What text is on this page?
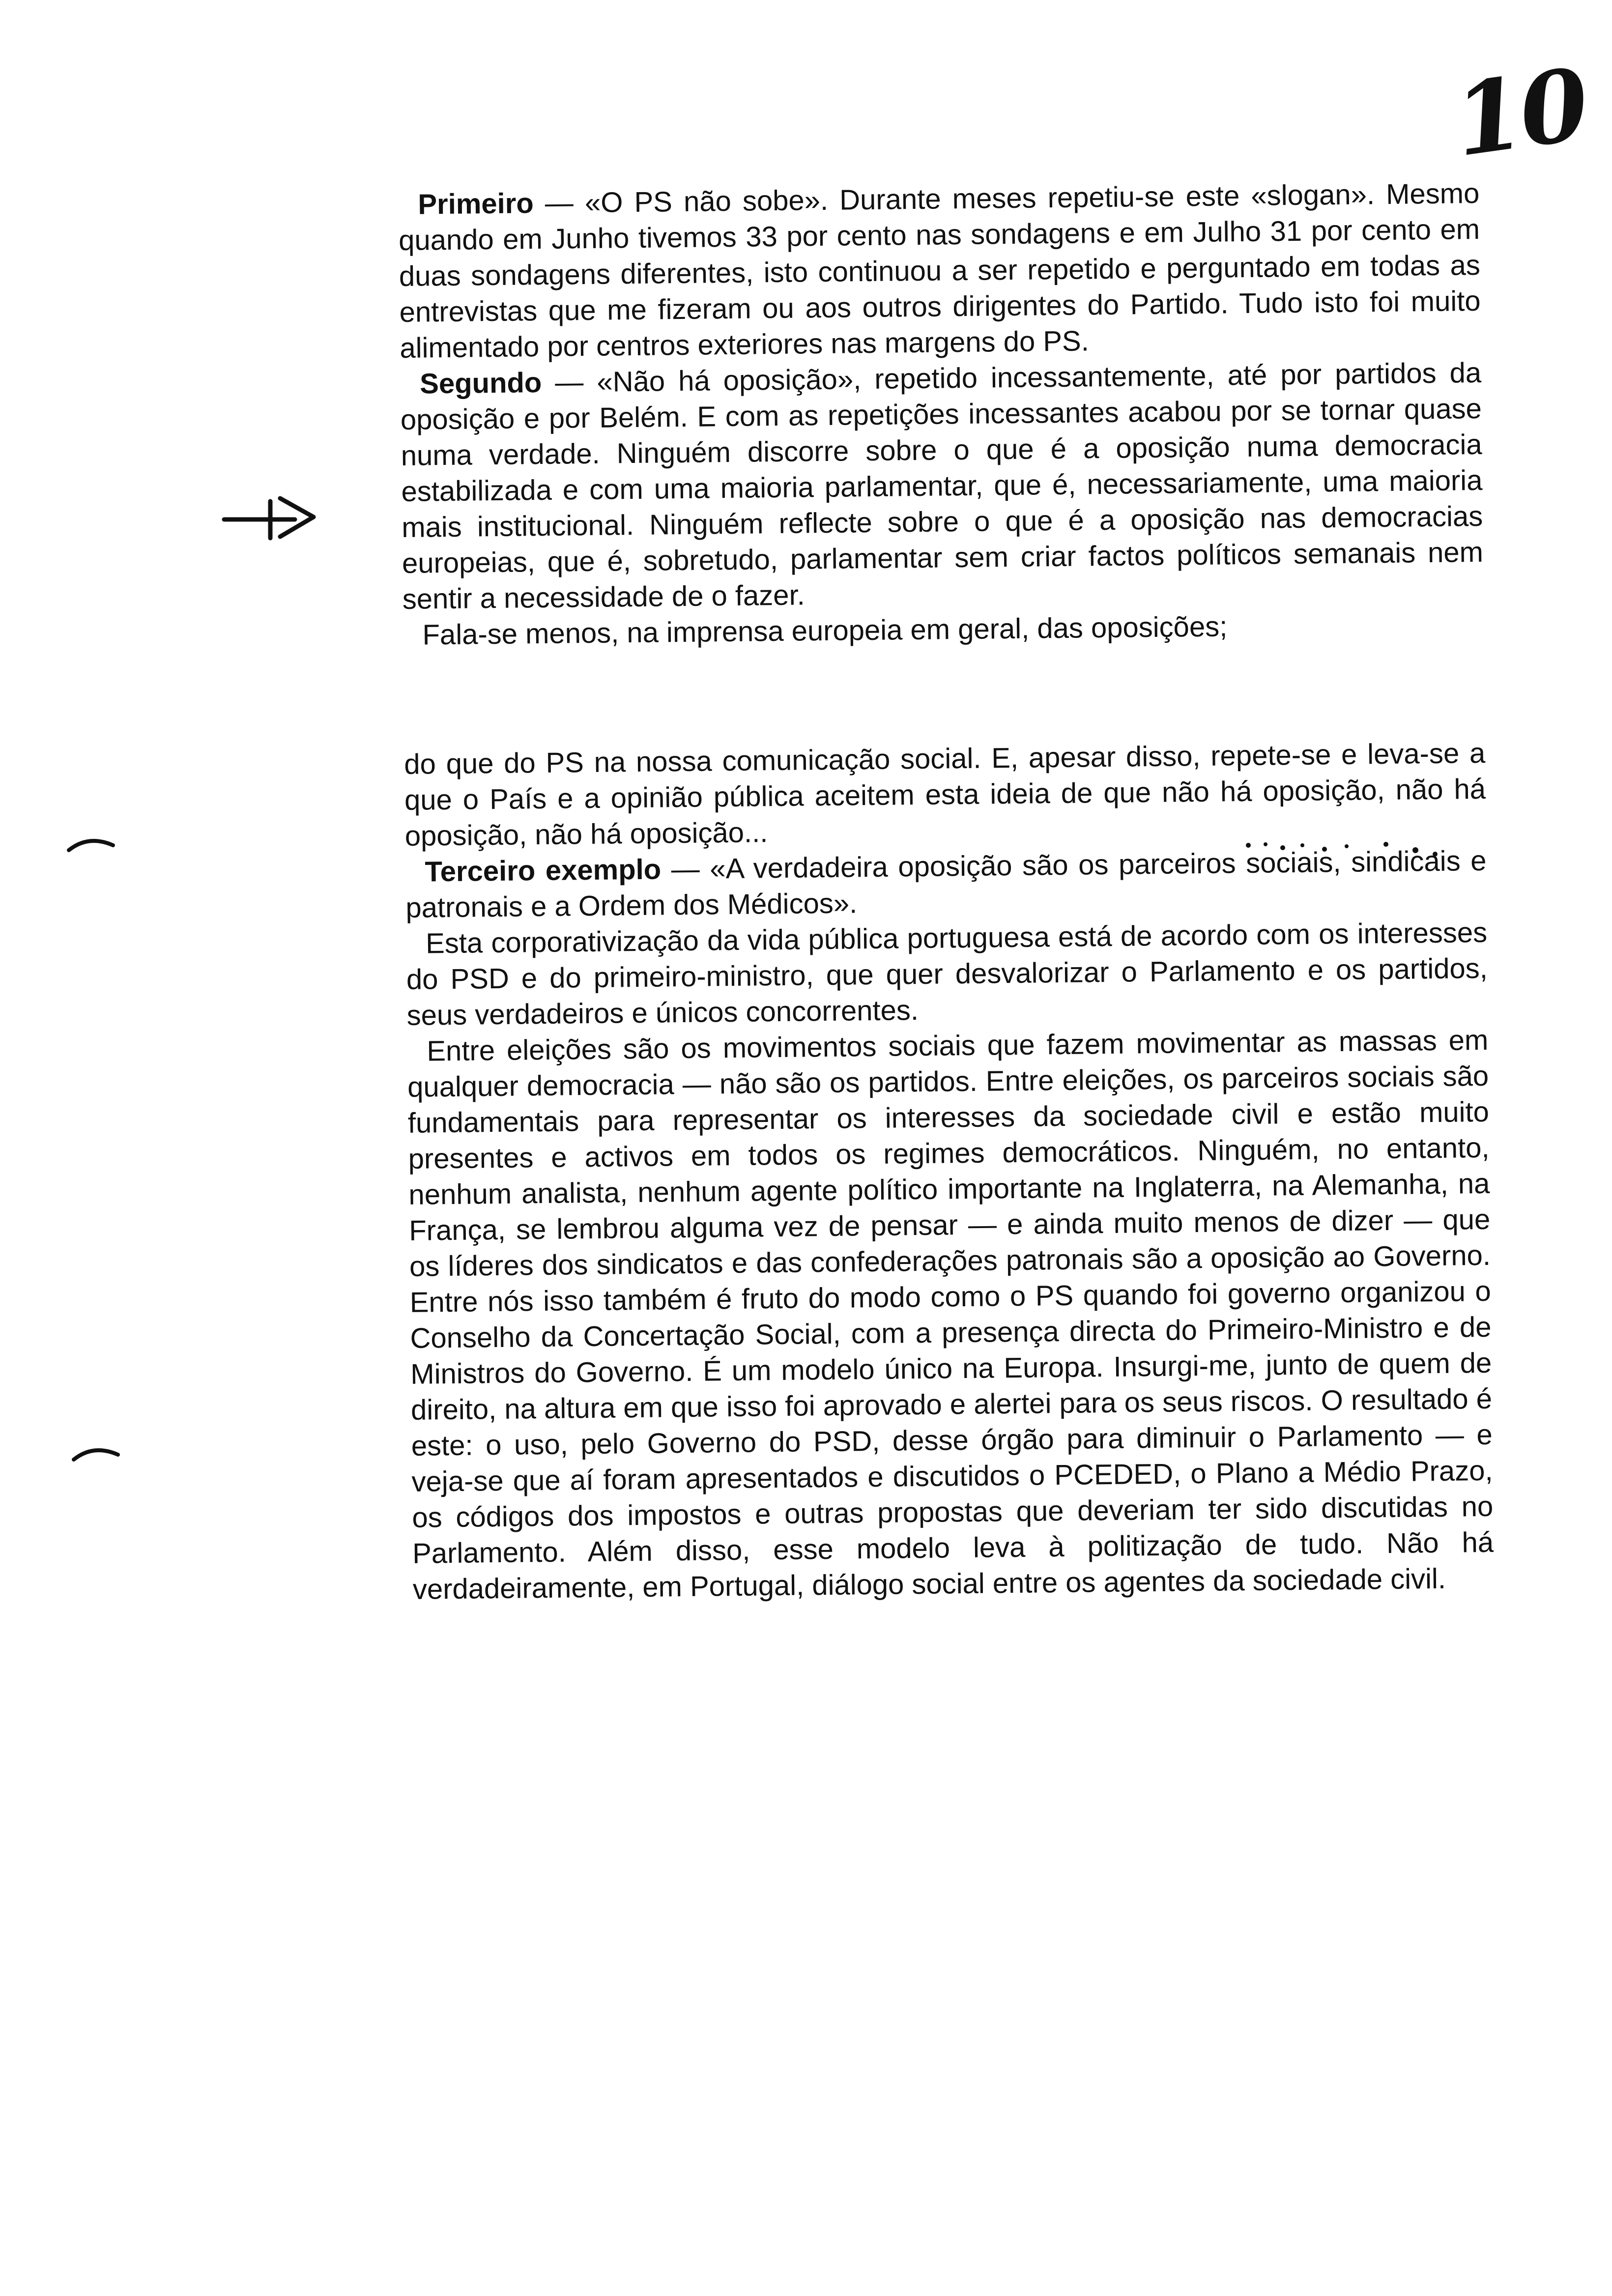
10

Primeiro — «O PS não sobe». Durante meses repetiu-se este «slogan». Mesmo quando em Junho tivemos 33 por cento nas sondagens e em Julho 31 por cento em duas sondagens diferentes, isto continuou a ser repetido e perguntado em todas as entrevistas que me fizeram ou aos outros dirigentes do Partido. Tudo isto foi muito alimentado por centros exteriores nas margens do PS.

Segundo — «Não há oposição», repetido incessantemente, até por partidos da oposição e por Belém. E com as repetições incessantes acabou por se tornar quase numa verdade. Ninguém discorre sobre o que é a oposição numa democracia estabilizada e com uma maioria parlamentar, que é, necessariamente, uma maioria mais institucional. Ninguém reflecte sobre o que é a oposição nas democracias europeias, que é, sobretudo, parlamentar sem criar factos políticos semanais nem sentir a necessidade de o fazer.

Fala-se menos, na imprensa europeia em geral, das oposições;

do que do PS na nossa comunicação social. E, apesar disso, repete-se e leva-se a que o País e a opinião pública aceitem esta ideia de que não há oposição, não há oposição, não há oposição...

Terceiro exemplo — «A verdadeira oposição são os parceiros sociais, sindicais e patronais e a Ordem dos Médicos».

Esta corporativização da vida pública portuguesa está de acordo com os interesses do PSD e do primeiro-ministro, que quer desvalorizar o Parlamento e os partidos, seus verdadeiros e únicos concorrentes.

Entre eleições são os movimentos sociais que fazem movimentar as massas em qualquer democracia — não são os partidos. Entre eleições, os parceiros sociais são fundamentais para representar os interesses da sociedade civil e estão muito presentes e activos em todos os regimes democráticos. Ninguém, no entanto, nenhum analista, nenhum agente político importante na Inglaterra, na Alemanha, na França, se lembrou alguma vez de pensar — e ainda muito menos de dizer — que os líderes dos sindicatos e das confederações patronais são a oposição ao Governo. Entre nós isso também é fruto do modo como o PS quando foi governo organizou o Conselho da Concertação Social, com a presença directa do Primeiro-Ministro e de Ministros do Governo. É um modelo único na Europa. Insurgi-me, junto de quem de direito, na altura em que isso foi aprovado e alertei para os seus riscos. O resultado é este: o uso, pelo Governo do PSD, desse órgão para diminuir o Parlamento — e veja-se que aí foram apresentados e discutidos o PCEDED, o Plano a Médio Prazo, os códigos dos impostos e outras propostas que deveriam ter sido discutidas no Parlamento. Além disso, esse modelo leva à politização de tudo. Não há verdadeiramente, em Portugal, diálogo social entre os agentes da sociedade civil.
